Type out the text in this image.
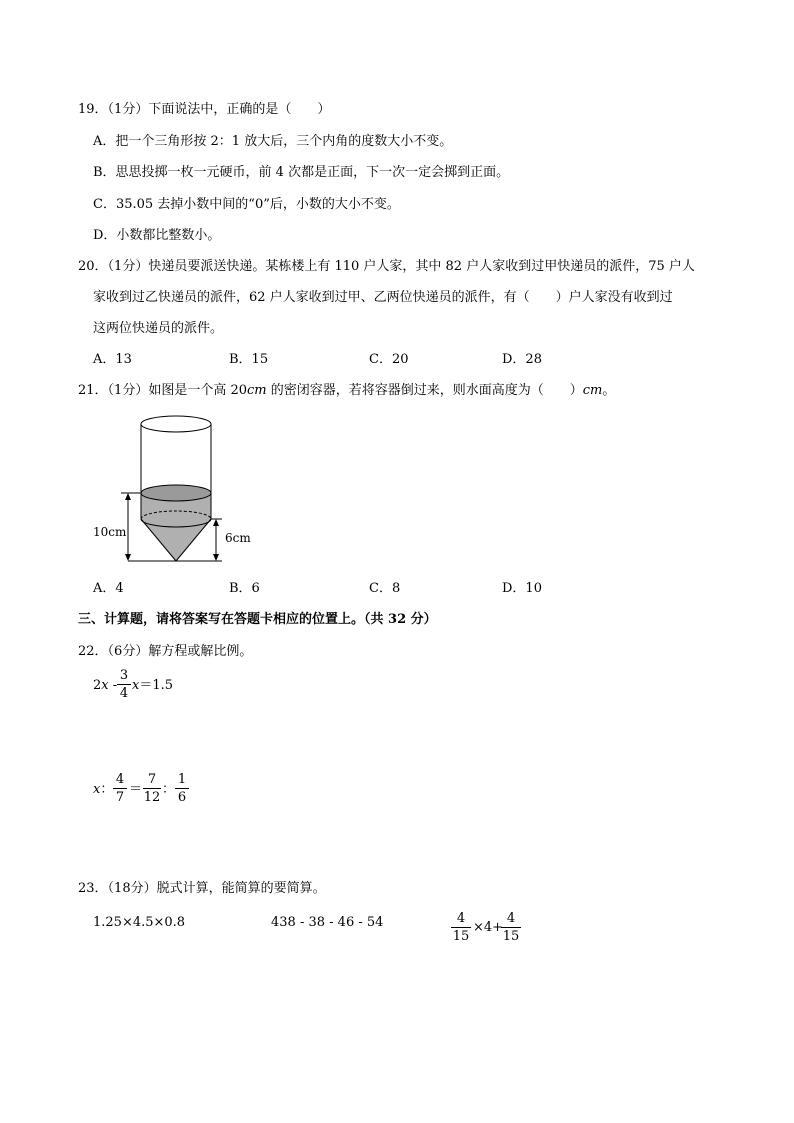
19．（1分）下面说法中，正确的是（　　）
A．把一个三角形按 2：1 放大后，三个内角的度数大小不变。
B．思思投掷一枚一元硬币，前 4 次都是正面，下一次一定会掷到正面。
C．35.05 去掉小数中间的“0”后，小数的大小不变。
D．小数都比整数小。
20．（1分）快递员要派送快递。某栋楼上有 110 户人家，其中 82 户人家收到过甲快递员的派件，75 户人
家收到过乙快递员的派件，62 户人家收到过甲、乙两位快递员的派件，有（　　）户人家没有收到过
这两位快递员的派件。
A．13	B．15	C．20	D．28
21．（1分）如图是一个高 20cm 的密闭容器，若将容器倒过来，则水面高度为（　　）cm。
10cm	6cm
A．4	B．6	C．8	D．10
三、计算题，请将答案写在答题卡相应的位置上。（共 32 分）
22．（6分）解方程或解比例。
2x -
3
4
x＝1.5
x：
4
7
＝
7
12
：
1
6
23．（18分）脱式计算，能简算的要简算。
1.25×4.5×0.8	438 - 38 - 46 - 54	4
15
×4+
4
15
